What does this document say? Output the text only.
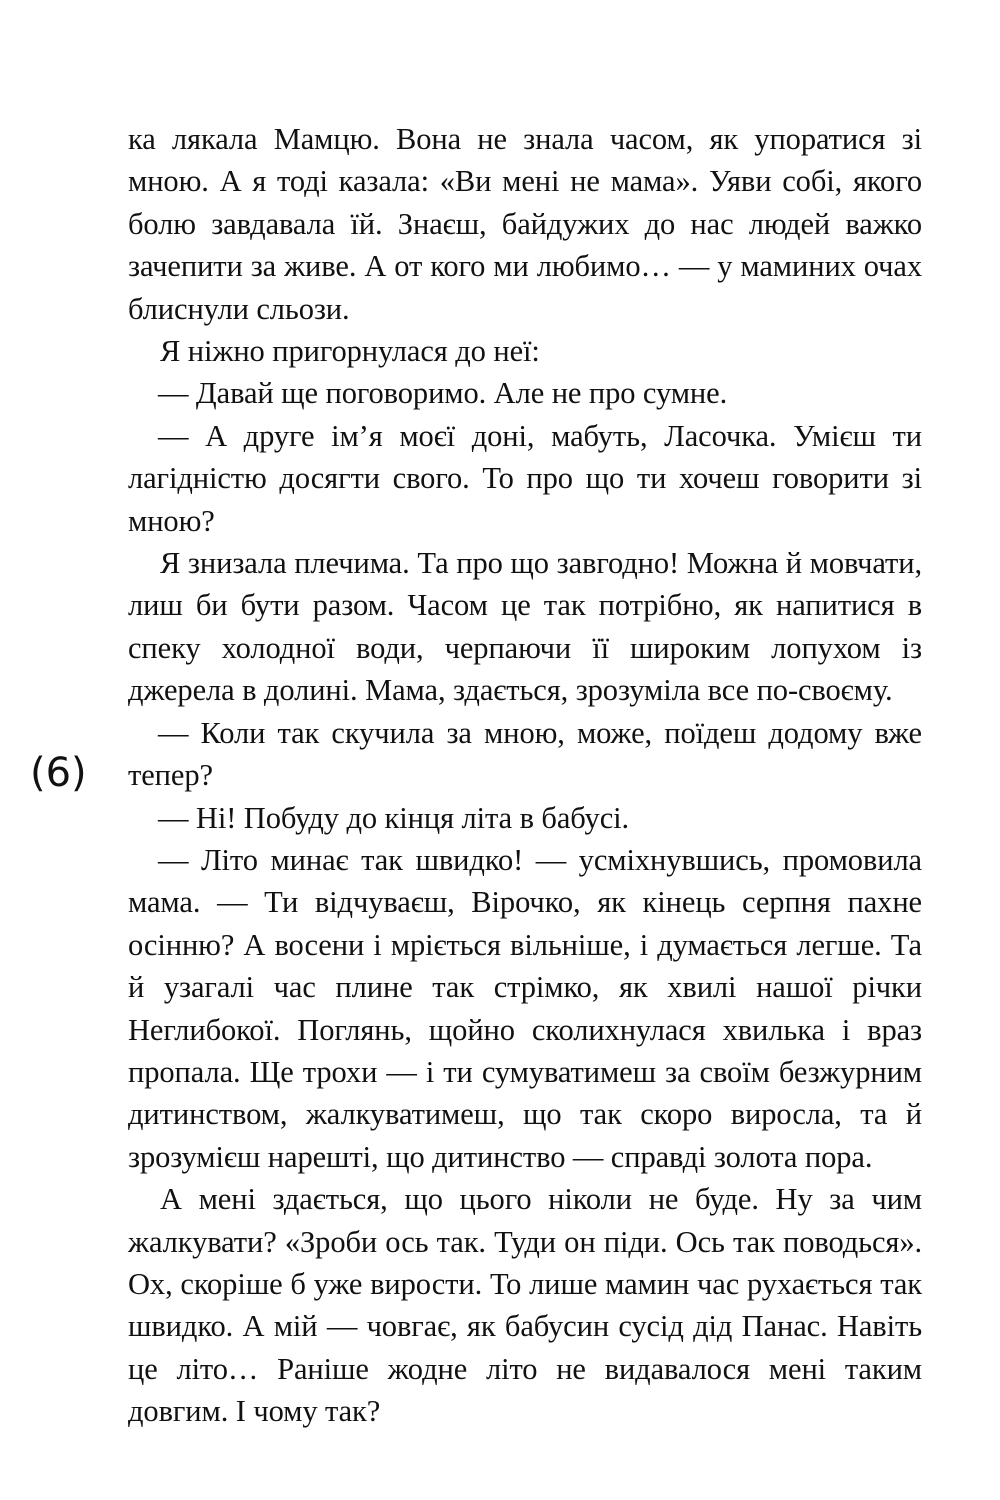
ка лякала Мамцю. Вона не знала часом, як упоратися зі мною. А я тоді казала: «Ви мені не мама». Уяви собі, якого болю завдавала їй. Знаєш, байдужих до нас людей важко зачепити за живе. А от кого ми любимо… — у маминих очах блиснули сльози.

Я ніжно пригорнулася до неї:

— Давай ще поговоримо. Але не про сумне.

— А друге ім’я моєї доні, мабуть, Ласочка. Умієш ти лагідністю досягти свого. То про що ти хочеш говорити зі мною?

Я знизала плечима. Та про що завгодно! Можна й мовчати, лиш би бути разом. Часом це так потрібно, як напитися в спеку холодної води, черпаючи її широким лопухом із джерела в долині. Мама, здається, зрозуміла все по-своєму.

— Коли так скучила за мною, може, поїдеш додому вже тепер?

— Ні! Побуду до кінця літа в бабусі.

— Літо минає так швидко! — усміхнувшись, промовила мама. — Ти відчуваєш, Вірочко, як кінець серпня пахне осінню? А восени і мріється вільніше, і думається легше. Та й узагалі час плине так стрімко, як хвилі нашої річки Неглибокої. Поглянь, щойно сколихнулася хвилька і враз пропала. Ще трохи — і ти сумуватимеш за своїм безжурним дитинством, жалкуватимеш, що так скоро виросла, та й зрозумієш нарешті, що дитинство — справді золота пора.

А мені здається, що цього ніколи не буде. Ну за чим жалкувати? «Зроби ось так. Туди он піди. Ось так поводься». Ох, скоріше б уже вирости. То лише мамин час рухається так швидко. А мій — човгає, як бабусин сусід дід Панас. Навіть це літо… Раніше жодне літо не видавалося мені таким довгим. І чому так?

(6)
